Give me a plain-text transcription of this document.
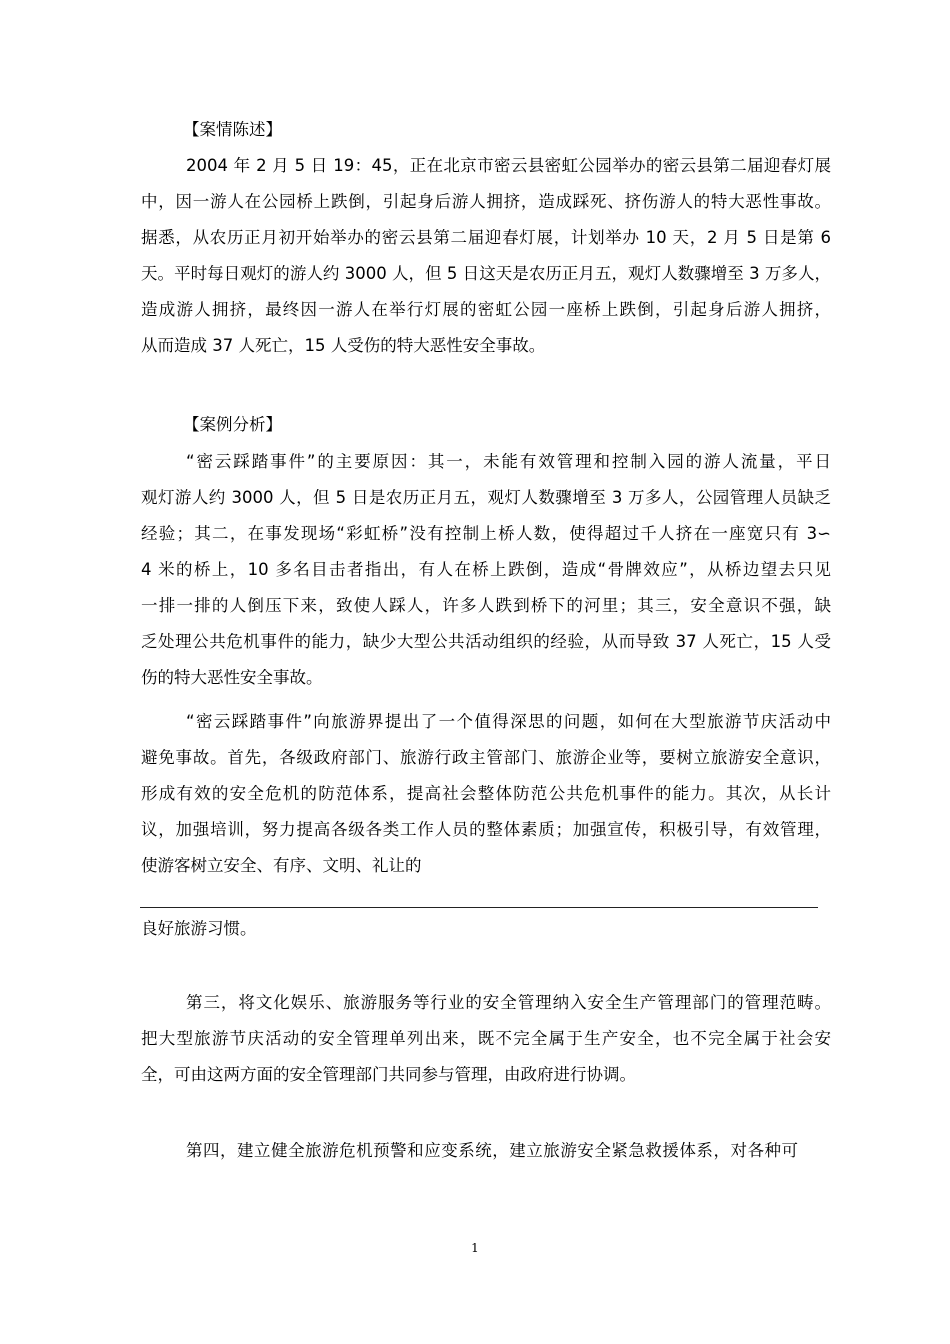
【案情陈述】
2004 年 2 月 5 日 19：45，正在北京市密云县密虹公园举办的密云县第二届迎春灯展
中，因一游人在公园桥上跌倒，引起身后游人拥挤，造成踩死、挤伤游人的特大恶性事故。
据悉，从农历正月初开始举办的密云县第二届迎春灯展，计划举办 10 天，2 月 5 日是第 6
天。平时每日观灯的游人约 3000 人，但 5 日这天是农历正月五，观灯人数骤增至 3 万多人，
造成游人拥挤，最终因一游人在举行灯展的密虹公园一座桥上跌倒，引起身后游人拥挤，
从而造成 37 人死亡，15 人受伤的特大恶性安全事故。
【案例分析】
“密云踩踏事件”的主要原因：其一，未能有效管理和控制入园的游人流量，平日
观灯游人约 3000 人，但 5 日是农历正月五，观灯人数骤增至 3 万多人，公园管理人员缺乏
经验；其二，在事发现场“彩虹桥”没有控制上桥人数，使得超过千人挤在一座宽只有 3∽
4 米的桥上，10 多名目击者指出，有人在桥上跌倒，造成“骨牌效应”，从桥边望去只见
一排一排的人倒压下来，致使人踩人，许多人跌到桥下的河里；其三，安全意识不强，缺
乏处理公共危机事件的能力，缺少大型公共活动组织的经验，从而导致 37 人死亡，15 人受
伤的特大恶性安全事故。
“密云踩踏事件”向旅游界提出了一个值得深思的问题，如何在大型旅游节庆活动中
避免事故。首先，各级政府部门、旅游行政主管部门、旅游企业等，要树立旅游安全意识，
形成有效的安全危机的防范体系，提高社会整体防范公共危机事件的能力。其次，从长计
议，加强培训，努力提高各级各类工作人员的整体素质；加强宣传，积极引导，有效管理，
使游客树立安全、有序、文明、礼让的
良好旅游习惯。
第三，将文化娱乐、旅游服务等行业的安全管理纳入安全生产管理部门的管理范畴。
把大型旅游节庆活动的安全管理单列出来，既不完全属于生产安全，也不完全属于社会安
全，可由这两方面的安全管理部门共同参与管理，由政府进行协调。
第四，建立健全旅游危机预警和应变系统，建立旅游安全紧急救援体系，对各种可
1
